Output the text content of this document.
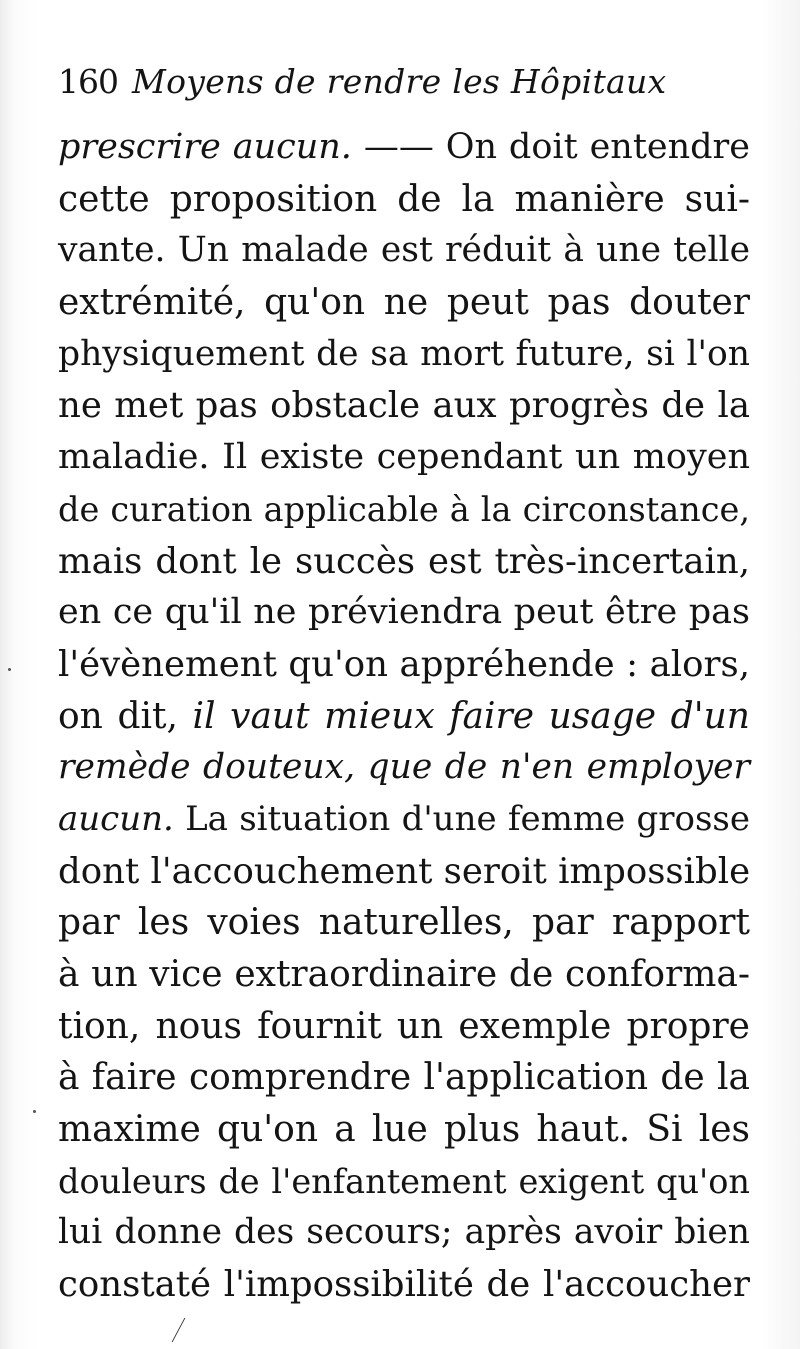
160 Moyens de rendre les Hôpitaux
prescrire aucun. —— On doit entendre
cette proposition de la manière sui-
vante. Un malade est réduit à une telle
extrémité, qu'on ne peut pas douter
physiquement de sa mort future, si l'on
ne met pas obstacle aux progrès de la
maladie. Il existe cependant un moyen
de curation applicable à la circonstance,
mais dont le succès est très-incertain,
en ce qu'il ne préviendra peut être pas
l'évènement qu'on appréhende : alors,
on dit, il vaut mieux faire usage d'un
remède douteux, que de n'en employer
aucun. La situation d'une femme grosse
dont l'accouchement seroit impossible
par les voies naturelles, par rapport
à un vice extraordinaire de conforma-
tion, nous fournit un exemple propre
à faire comprendre l'application de la
maxime qu'on a lue plus haut. Si les
douleurs de l'enfantement exigent qu'on
lui donne des secours; après avoir bien
constaté l'impossibilité de l'accoucher
